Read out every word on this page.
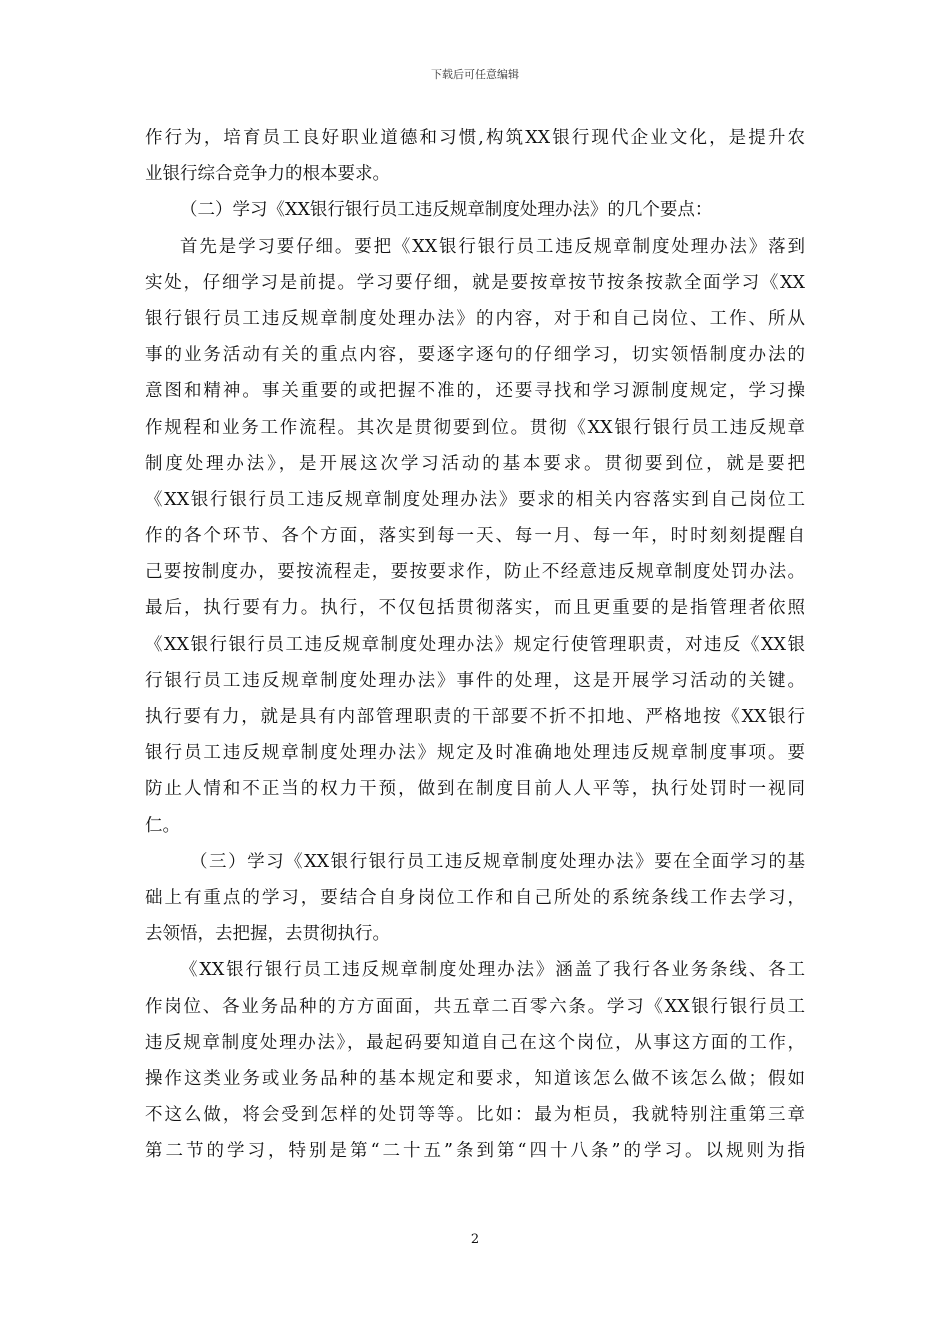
下载后可任意编辑
作行为，培育员工良好职业道德和习惯,构筑XX银行现代企业文化，是提升农
业银行综合竞争力的根本要求。
（二）学习《XX银行银行员工违反规章制度处理办法》的几个要点：
首先是学习要仔细。要把《XX银行银行员工违反规章制度处理办法》落到
实处，仔细学习是前提。学习要仔细，就是要按章按节按条按款全面学习《XX
银行银行员工违反规章制度处理办法》的内容，对于和自己岗位、工作、所从
事的业务活动有关的重点内容，要逐字逐句的仔细学习，切实领悟制度办法的
意图和精神。事关重要的或把握不准的，还要寻找和学习源制度规定，学习操
作规程和业务工作流程。其次是贯彻要到位。贯彻《XX银行银行员工违反规章
制度处理办法》，是开展这次学习活动的基本要求。贯彻要到位，就是要把
《XX银行银行员工违反规章制度处理办法》要求的相关内容落实到自己岗位工
作的各个环节、各个方面，落实到每一天、每一月、每一年，时时刻刻提醒自
己要按制度办，要按流程走，要按要求作，防止不经意违反规章制度处罚办法。
最后，执行要有力。执行，不仅包括贯彻落实，而且更重要的是指管理者依照
《XX银行银行员工违反规章制度处理办法》规定行使管理职责，对违反《XX银
行银行员工违反规章制度处理办法》事件的处理，这是开展学习活动的关键。
执行要有力，就是具有内部管理职责的干部要不折不扣地、严格地按《XX银行
银行员工违反规章制度处理办法》规定及时准确地处理违反规章制度事项。要
防止人情和不正当的权力干预，做到在制度目前人人平等，执行处罚时一视同
仁。
（三）学习《XX银行银行员工违反规章制度处理办法》要在全面学习的基
础上有重点的学习，要结合自身岗位工作和自己所处的系统条线工作去学习，
去领悟，去把握，去贯彻执行。
《XX银行银行员工违反规章制度处理办法》涵盖了我行各业务条线、各工
作岗位、各业务品种的方方面面，共五章二百零六条。学习《XX银行银行员工
违反规章制度处理办法》，最起码要知道自己在这个岗位，从事这方面的工作，
操作这类业务或业务品种的基本规定和要求，知道该怎么做不该怎么做；假如
不这么做，将会受到怎样的处罚等等。比如：最为柜员，我就特别注重第三章
第二节的学习，特别是第“二十五”条到第“四十八条”的学习。以规则为指
2
